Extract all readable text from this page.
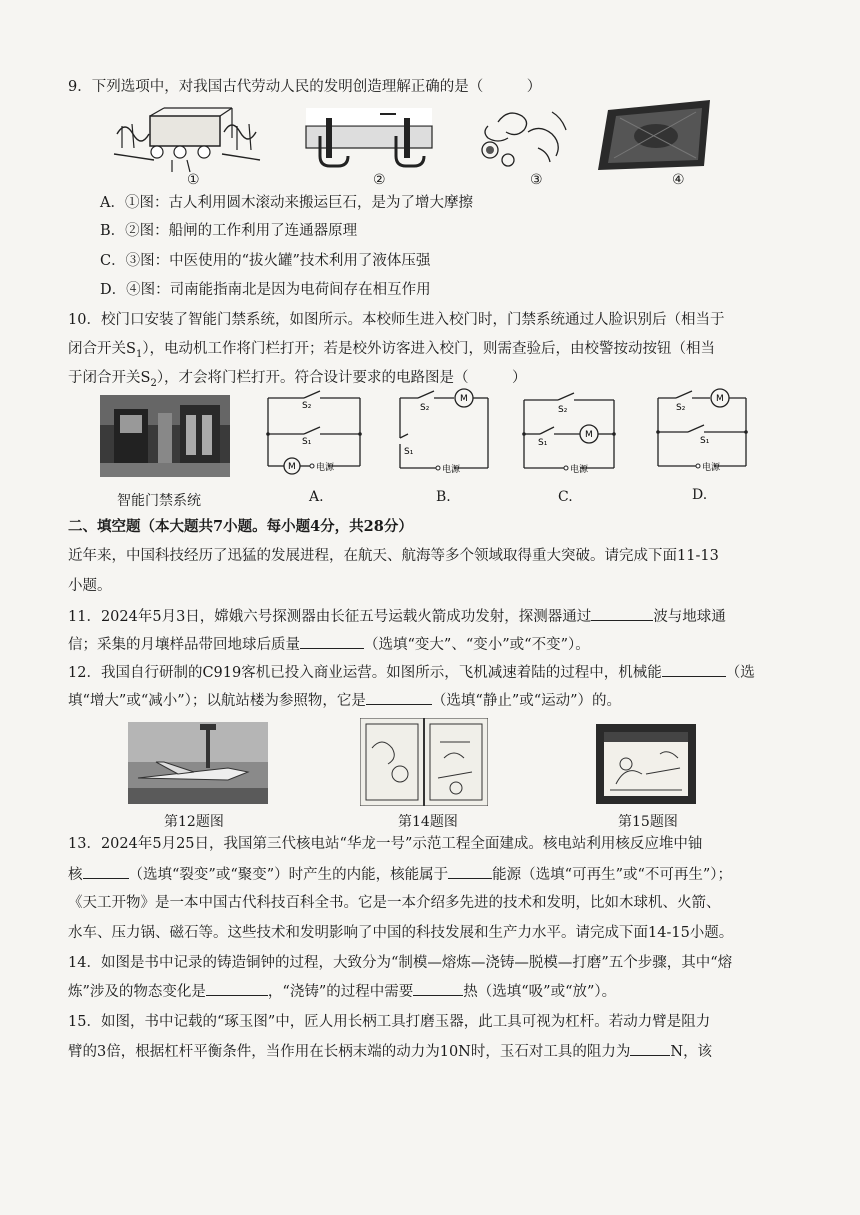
9．下列选项中，对我国古代劳动人民的发明创造理解正确的是（　　　）
①	②	③	④
A．①图：古人利用圆木滚动来搬运巨石，是为了增大摩擦
B．②图：船闸的工作利用了连通器原理
C．③图：中医使用的“拔火罐”技术利用了液体压强
D．④图：司南能指南北是因为电荷间存在相互作用
10．校门口安装了智能门禁系统，如图所示。本校师生进入校门时，门禁系统通过人脸识别后（相当于
闭合开关$S_1$），电动机工作将门栏打开；若是校外访客进入校门，则需查验后，由校警按动按钮（相当
于闭合开关$S_2$），才会将门栏打开。符合设计要求的电路图是（　　　）
智能门禁系统
M
S₂
S₁
电源
A.
M
S₂
S₁
电源
B.
M
S₂
S₁
电源
C.
M
S₂
S₁
电源
D.
二、填空题（本大题共7小题。每小题4分，共28分）
近年来，中国科技经历了迅猛的发展进程，在航天、航海等多个领域取得重大突破。请完成下面11-13
小题。
11．2024年5月3日，嫦娥六号探测器由长征五号运载火箭成功发射，探测器通过	波与地球通
信；采集的月壤样品带回地球后质量	（选填“变大”、“变小”或“不变”）。
12．我国自行研制的C919客机已投入商业运营。如图所示，飞机减速着陆的过程中，机械能	（选
填“增大”或“减小”）；以航站楼为参照物，它是	（选填“静止”或“运动”）的。
第12题图	第14题图	第15题图
13．2024年5月25日，我国第三代核电站“华龙一号”示范工程全面建成。核电站利用核反应堆中铀
核	（选填“裂变”或“聚变”）时产生的内能，核能属于	能源（选填“可再生”或“不可再生”）；
《天工开物》是一本中国古代科技百科全书。它是一本介绍多先进的技术和发明，比如木球机、火箭、
水车、压力锅、磁石等。这些技术和发明影响了中国的科技发展和生产力水平。请完成下面14-15小题。
14．如图是书中记录的铸造铜钟的过程，大致分为“制模—熔炼—浇铸—脱模—打磨”五个步骤，其中“熔
炼”涉及的物态变化是	，“浇铸”的过程中需要	热（选填“吸”或“放”）。
15．如图，书中记载的“琢玉图”中，匠人用长柄工具打磨玉器，此工具可视为杠杆。若动力臂是阻力
臂的3倍，根据杠杆平衡条件，当作用在长柄末端的动力为10N时，玉石对工具的阻力为	N，该
